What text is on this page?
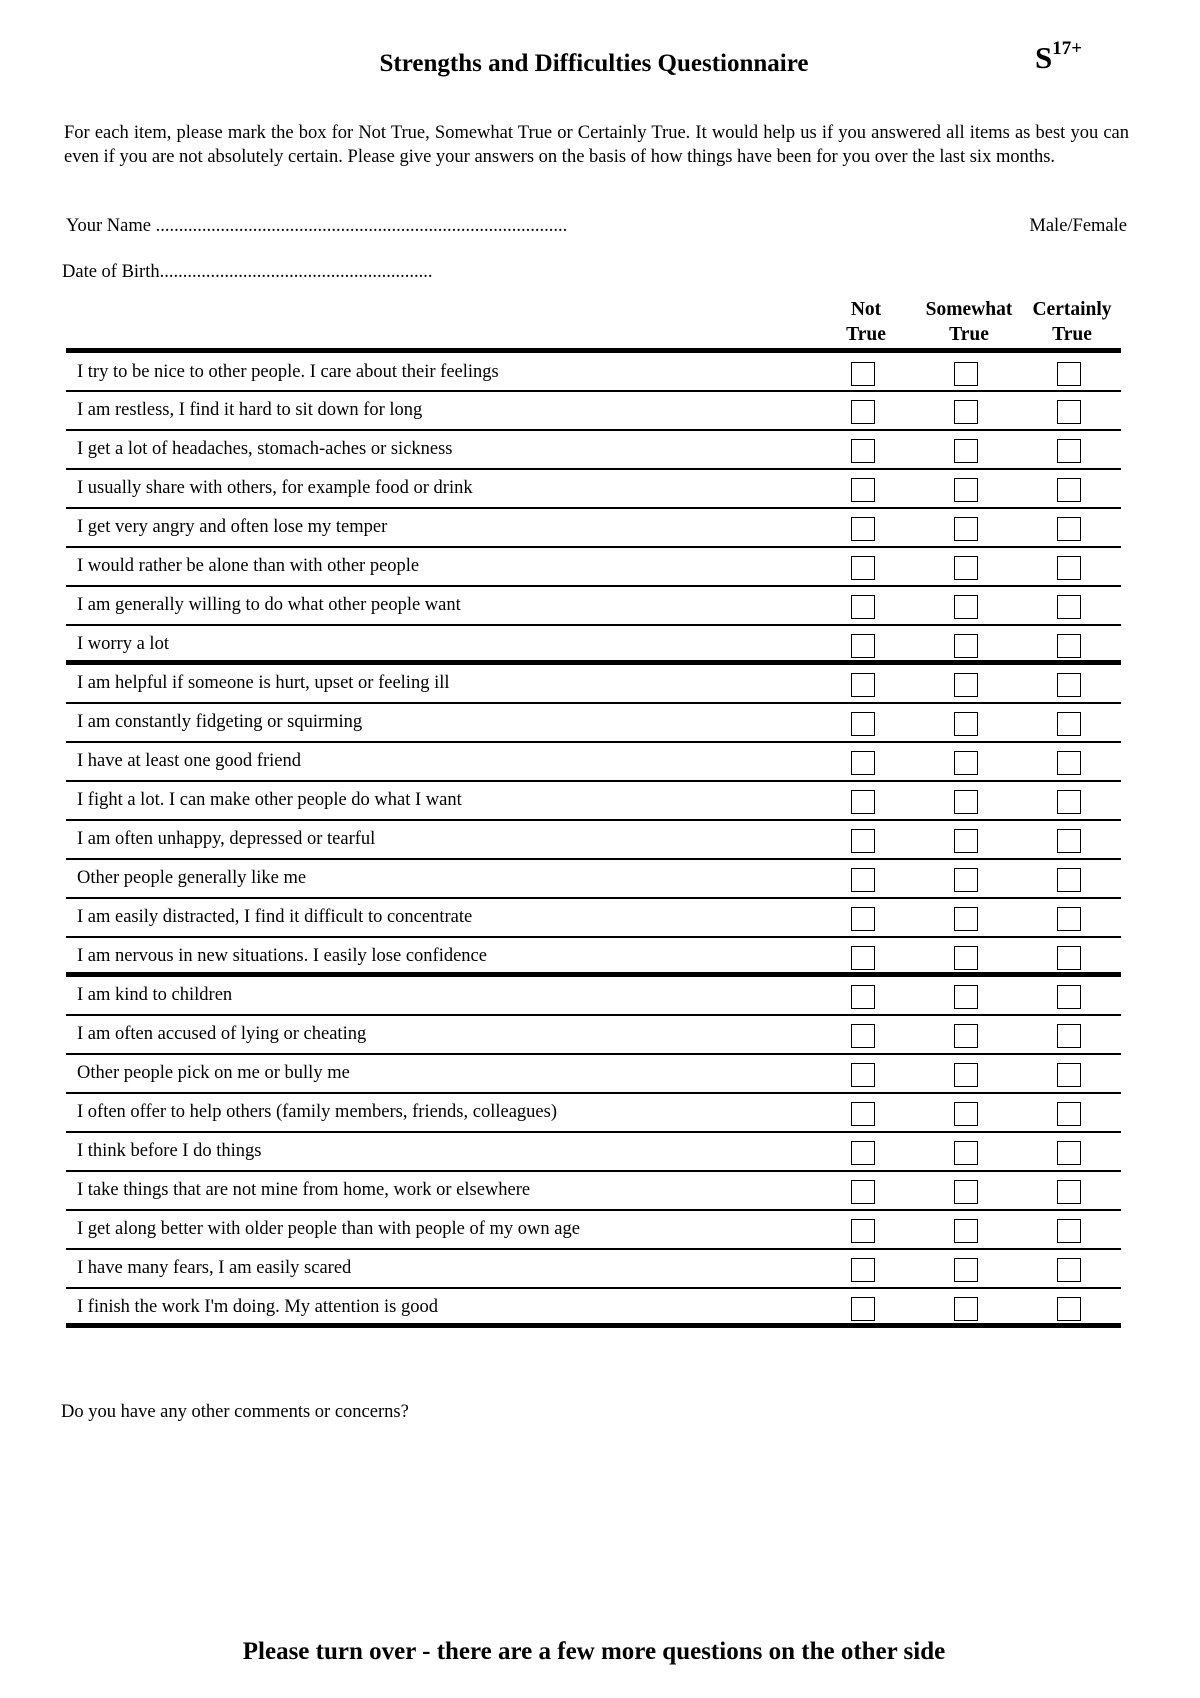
Strengths and Difficulties Questionnaire	$S^{17+}$
For each item, please mark the box for Not True, Somewhat True or Certainly True. It would help us if you answered all items as best you can even if you are not absolutely certain. Please give your answers on the basis of how things have been for you over the last six months.
Your Name .........................................................................................	Male/Female
Date of Birth...........................................................
Not
True
Somewhat
True
Certainly
True
I try to be nice to other people. I care about their feelings
I am restless, I find it hard to sit down for long
I get a lot of headaches, stomach-aches or sickness
I usually share with others, for example food or drink
I get very angry and often lose my temper
I would rather be alone than with other people
I am generally willing to do what other people want
I worry a lot
I am helpful if someone is hurt, upset or feeling ill
I am constantly fidgeting or squirming
I have at least one good friend
I fight a lot. I can make other people do what I want
I am often unhappy, depressed or tearful
Other people generally like me
I am easily distracted, I find it difficult to concentrate
I am nervous in new situations. I easily lose confidence
I am kind to children
I am often accused of lying or cheating
Other people pick on me or bully me
I often offer to help others (family members, friends, colleagues)
I think before I do things
I take things that are not mine from home, work or elsewhere
I get along better with older people than with people of my own age
I have many fears, I am easily scared
I finish the work I'm doing. My attention is good
Do you have any other comments or concerns?
Please turn over - there are a few more questions on the other side
